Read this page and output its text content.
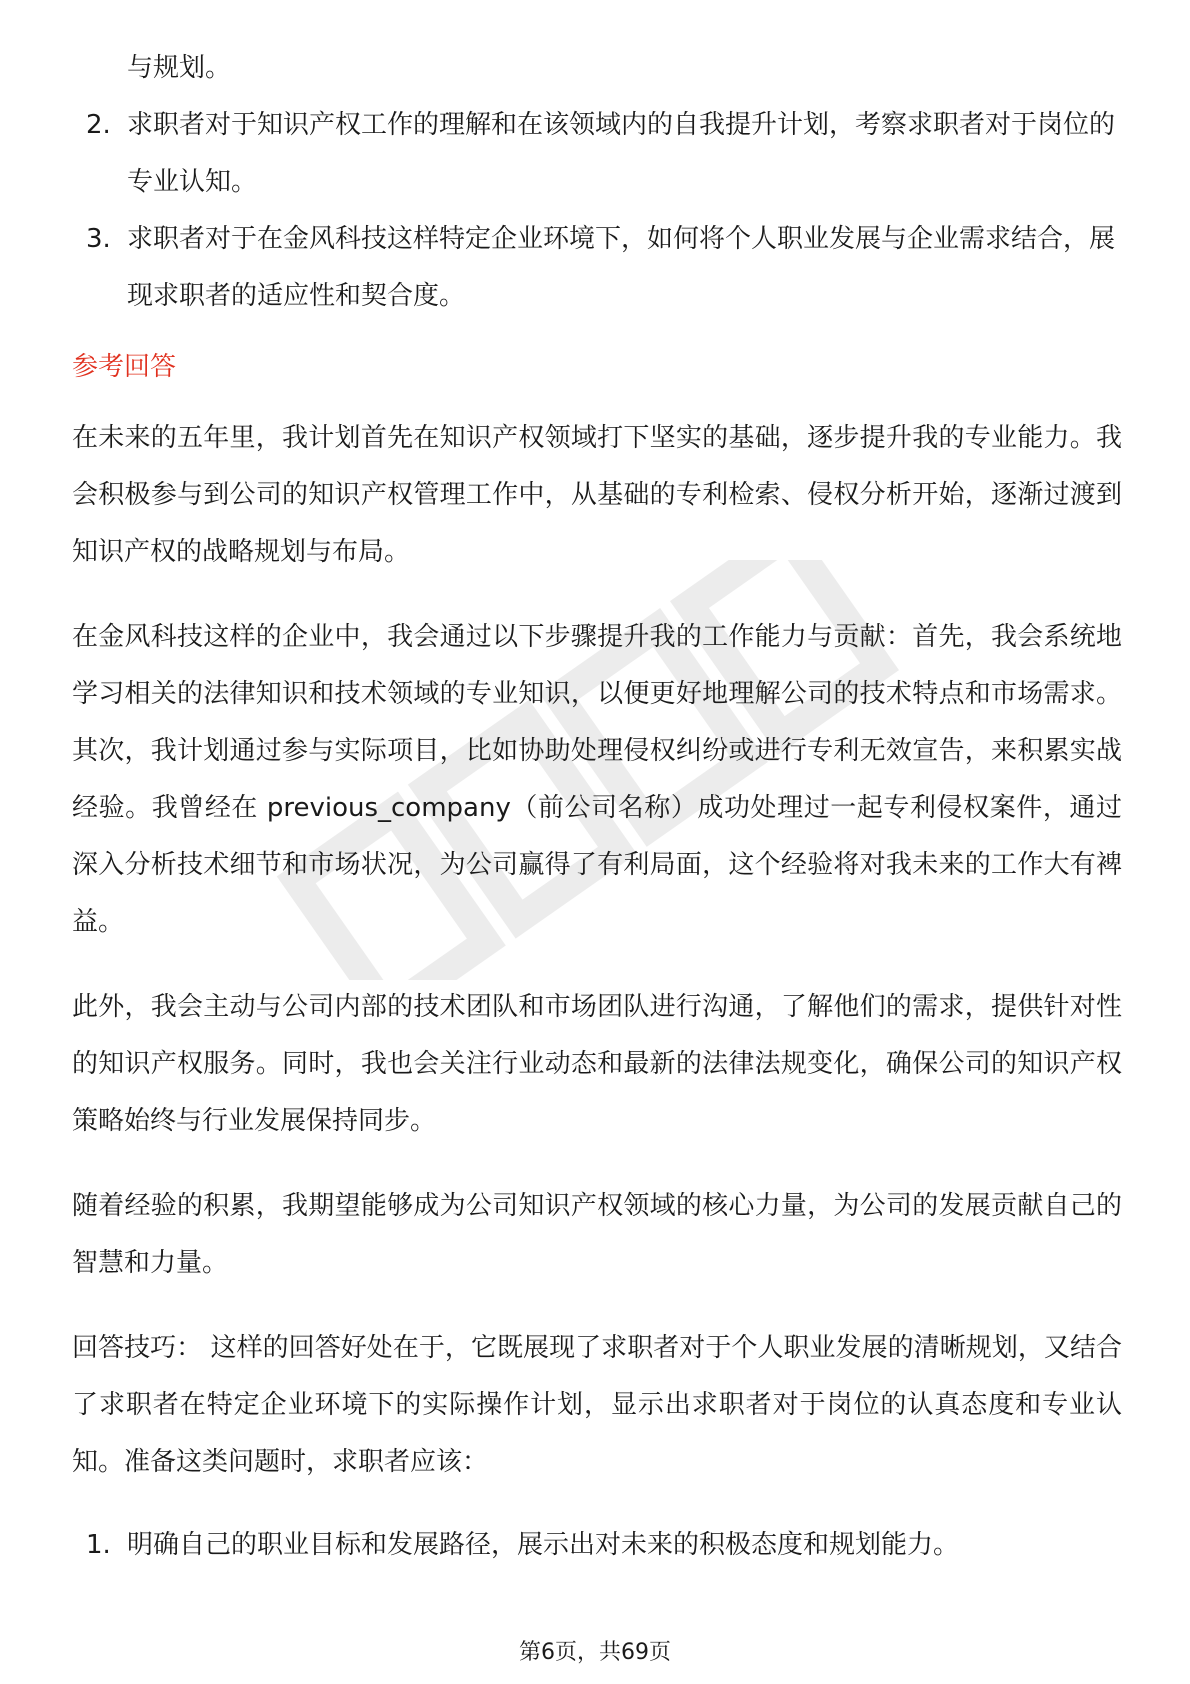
与规划。
2. 求职者对于知识产权工作的理解和在该领域内的自我提升计划，考察求职者对于岗位的专业认知。
3. 求职者对于在金风科技这样特定企业环境下，如何将个人职业发展与企业需求结合，展现求职者的适应性和契合度。
参考回答

在未来的五年里，我计划首先在知识产权领域打下坚实的基础，逐步提升我的专业能力。我会积极参与到公司的知识产权管理工作中，从基础的专利检索、侵权分析开始，逐渐过渡到知识产权的战略规划与布局。

在金风科技这样的企业中，我会通过以下步骤提升我的工作能力与贡献：首先，我会系统地学习相关的法律知识和技术领域的专业知识，以便更好地理解公司的技术特点和市场需求。其次，我计划通过参与实际项目，比如协助处理侵权纠纷或进行专利无效宣告，来积累实战经验。我曾经在 previous_company（前公司名称）成功处理过一起专利侵权案件，通过深入分析技术细节和市场状况，为公司赢得了有利局面，这个经验将对我未来的工作大有裨益。

此外，我会主动与公司内部的技术团队和市场团队进行沟通，了解他们的需求，提供针对性的知识产权服务。同时，我也会关注行业动态和最新的法律法规变化，确保公司的知识产权策略始终与行业发展保持同步。

随着经验的积累，我期望能够成为公司知识产权领域的核心力量，为公司的发展贡献自己的智慧和力量。

回答技巧： 这样的回答好处在于，它既展现了求职者对于个人职业发展的清晰规划，又结合了求职者在特定企业环境下的实际操作计划，显示出求职者对于岗位的认真态度和专业认知。准备这类问题时，求职者应该：

1. 明确自己的职业目标和发展路径，展示出对未来的积极态度和规划能力。
第6页，共69页
